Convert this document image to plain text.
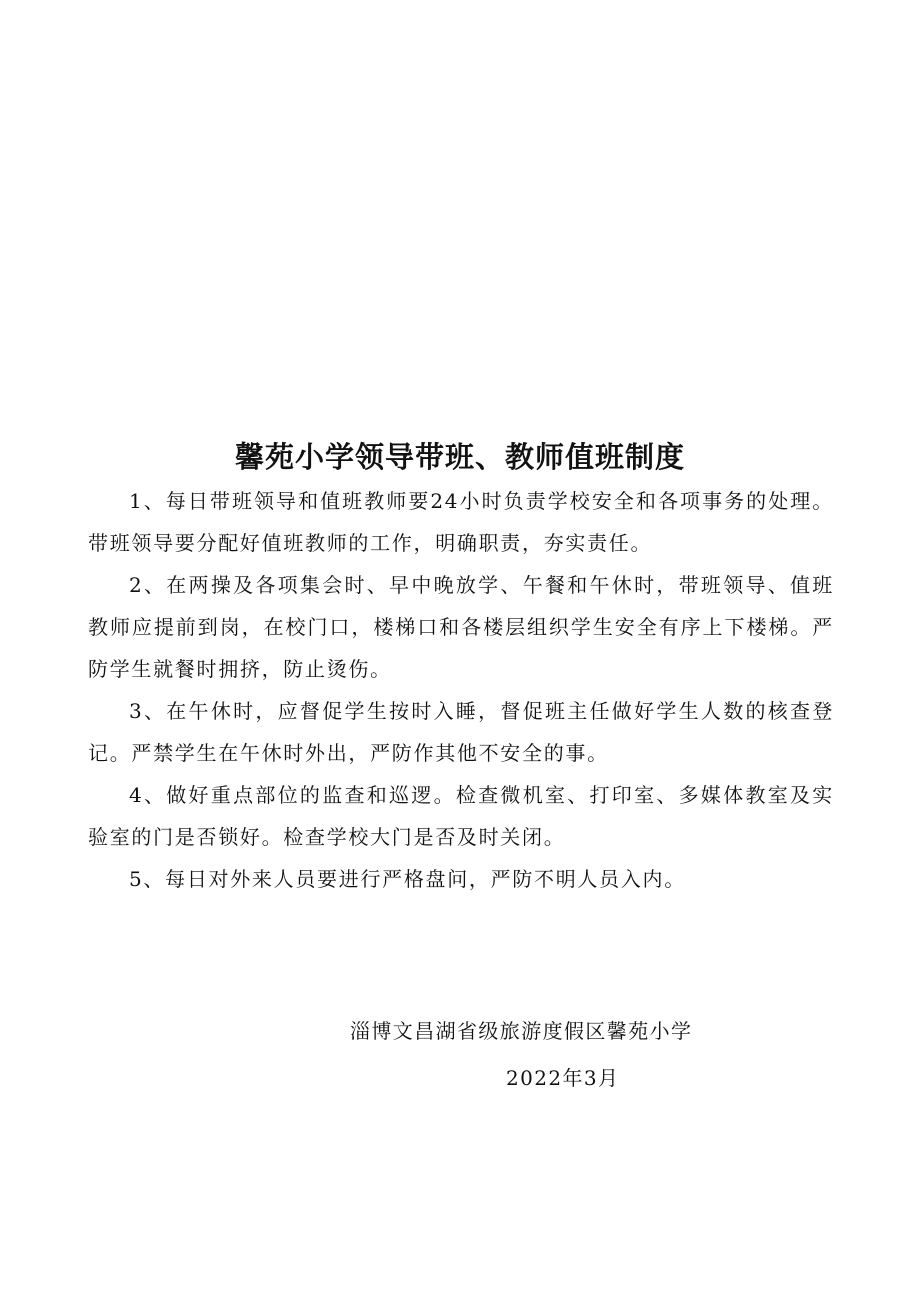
馨苑小学领导带班、教师值班制度

1、每日带班领导和值班教师要24小时负责学校安全和各项事务的处理。带班领导要分配好值班教师的工作，明确职责，夯实责任。

2、在两操及各项集会时、早中晚放学、午餐和午休时，带班领导、值班教师应提前到岗，在校门口，楼梯口和各楼层组织学生安全有序上下楼梯。严防学生就餐时拥挤，防止烫伤。

3、在午休时，应督促学生按时入睡，督促班主任做好学生人数的核查登记。严禁学生在午休时外出，严防作其他不安全的事。

4、做好重点部位的监查和巡逻。检查微机室、打印室、多媒体教室及实验室的门是否锁好。检查学校大门是否及时关闭。

5、每日对外来人员要进行严格盘问，严防不明人员入内。

淄博文昌湖省级旅游度假区馨苑小学
2022年3月
